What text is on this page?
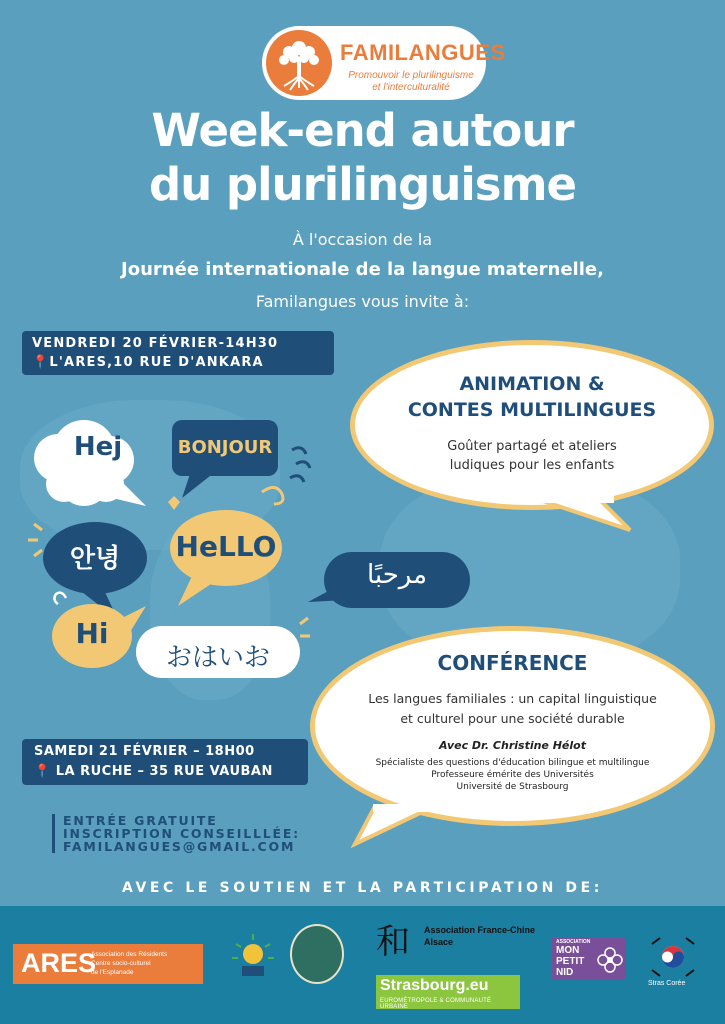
FAMILANGUES
Promouvoir le plurilinguisme
et l'interculturalité
Week-end autour
du plurilinguisme
À l'occasion de la
Journée internationale de la langue maternelle,
Familangues vous invite à:
VENDREDI 20 FÉVRIER-14H30
📍L'ARES,10 RUE D'ANKARA
ANIMATION &
CONTES MULTILINGUES
Goûter partagé et ateliers
ludiques pour les enfants
Hej	BONJOUR
안녕	HeLLO
مرحبًا
Hi
おはいお	CONFÉRENCE
Les langues familiales : un capital linguistique
et culturel pour une société durable
Avec Dr. Christine Hélot
Spécialiste des questions d'éducation bilingue et multilingue
Professeure émérite des Universités
Université de Strasbourg
SAMEDI 21 FÉVRIER – 18H00
📍 LA RUCHE – 35 RUE VAUBAN
ENTRÉE GRATUITE
INSCRIPTION CONSEILLLÉE:
FAMILANGUES@GMAIL.COM
AVEC LE SOUTIEN ET LA PARTICIPATION DE:
ARES
Association des Résidents
Centre socio-culturel
de l'Esplanade
和 Association France-Chine
Alsace
Strasbourg.eu
EUROMÉTROPOLE & COMMUNAUTÉ URBAINE
ASSOCIATION
MON
PETIT
NID
Stras Corée
